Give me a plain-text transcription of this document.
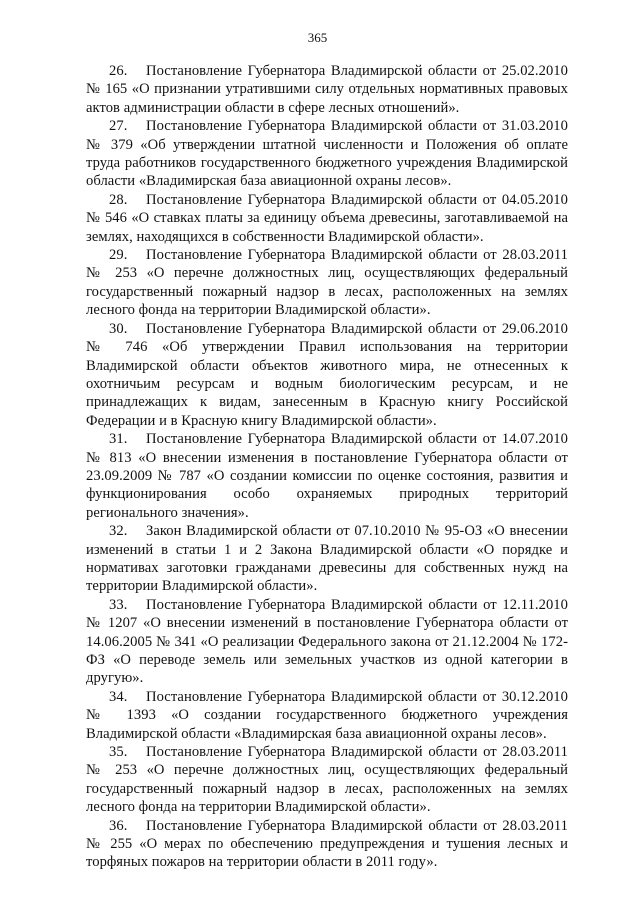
365

26. Постановление Губернатора Владимирской области от 25.02.2010 № 165 «О признании утратившими силу отдельных нормативных правовых актов администрации области в сфере лесных отношений».

27. Постановление Губернатора Владимирской области от 31.03.2010 № 379 «Об утверждении штатной численности и Положения об оплате труда работников государственного бюджетного учреждения Владимирской области «Владимирская база авиационной охраны лесов».

28. Постановление Губернатора Владимирской области от 04.05.2010 № 546 «О ставках платы за единицу объема древесины, заготавливаемой на землях, находящихся в собственности Владимирской области».

29. Постановление Губернатора Владимирской области от 28.03.2011 № 253 «О перечне должностных лиц, осуществляющих федеральный государственный пожарный надзор в лесах, расположенных на землях лесного фонда на территории Владимирской области».

30. Постановление Губернатора Владимирской области от 29.06.2010 № 746 «Об утверждении Правил использования на территории Владимирской области объектов животного мира, не отнесенных к охотничьим ресурсам и водным биологическим ресурсам, и не принадлежащих к видам, занесенным в Красную книгу Российской Федерации и в Красную книгу Владимирской области».

31. Постановление Губернатора Владимирской области от 14.07.2010 № 813 «О внесении изменения в постановление Губернатора области от 23.09.2009 № 787 «О создании комиссии по оценке состояния, развития и функционирования особо охраняемых природных территорий регионального значения».

32. Закон Владимирской области от 07.10.2010 № 95-ОЗ «О внесении изменений в статьи 1 и 2 Закона Владимирской области «О порядке и нормативах заготовки гражданами древесины для собственных нужд на территории Владимирской области».

33. Постановление Губернатора Владимирской области от 12.11.2010 № 1207 «О внесении изменений в постановление Губернатора области от 14.06.2005 № 341 «О реализации Федерального закона от 21.12.2004 № 172-ФЗ «О переводе земель или земельных участков из одной категории в другую».

34. Постановление Губернатора Владимирской области от 30.12.2010 № 1393 «О создании государственного бюджетного учреждения Владимирской области «Владимирская база авиационной охраны лесов».

35. Постановление Губернатора Владимирской области от 28.03.2011 № 253 «О перечне должностных лиц, осуществляющих федеральный государственный пожарный надзор в лесах, расположенных на землях лесного фонда на территории Владимирской области».

36. Постановление Губернатора Владимирской области от 28.03.2011 № 255 «О мерах по обеспечению предупреждения и тушения лесных и торфяных пожаров на территории области в 2011 году».
